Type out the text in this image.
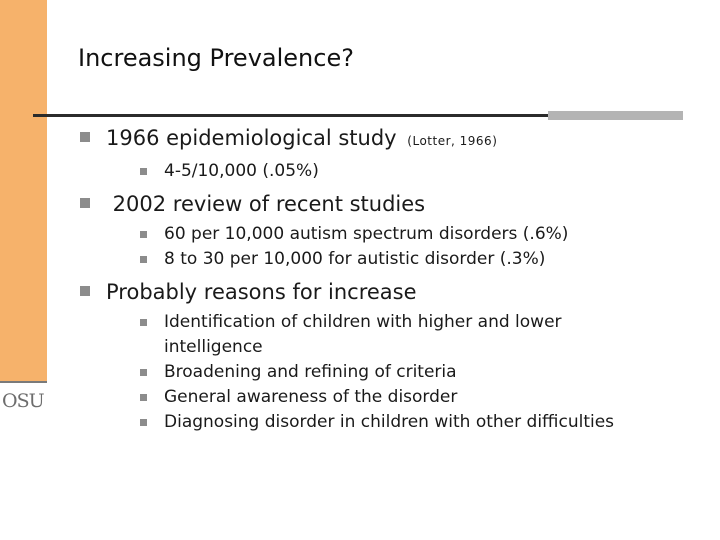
OSU
Increasing Prevalence?
1966 epidemiological study (Lotter, 1966)
4-5/10,000 (.05%)
2002 review of recent studies
60 per 10,000 autism spectrum disorders (.6%)
8 to 30 per 10,000 for autistic disorder (.3%)
Probably reasons for increase
Identification of children with higher and lower intelligence
Broadening and refining of criteria
General awareness of the disorder
Diagnosing disorder in children with other difficulties
